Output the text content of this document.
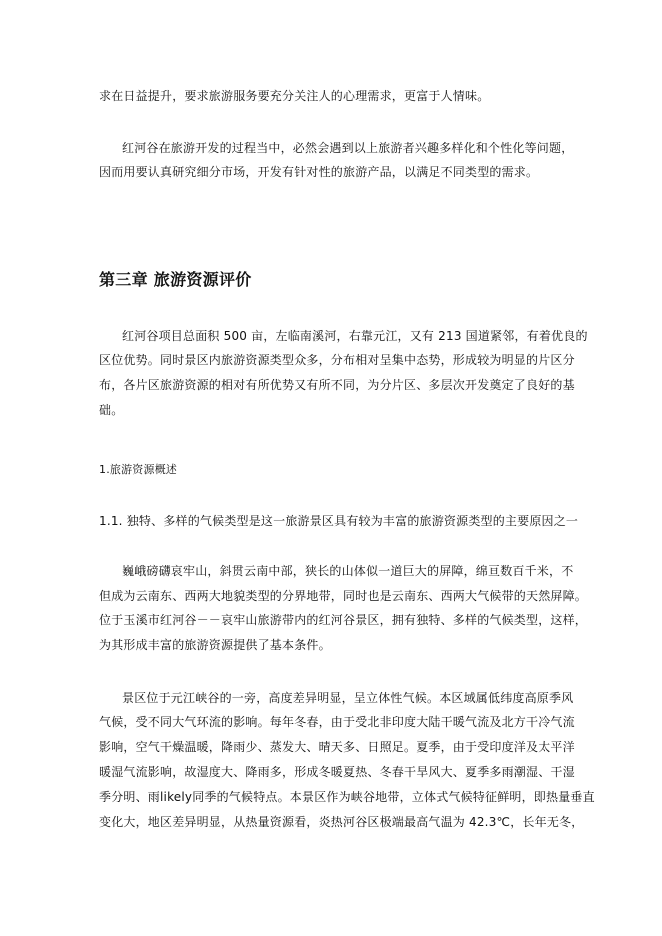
求在日益提升，要求旅游服务要充分关注人的心理需求，更富于人情味。
红河谷在旅游开发的过程当中，必然会遇到以上旅游者兴趣多样化和个性化等问题，
因而用要认真研究细分市场，开发有针对性的旅游产品，以满足不同类型的需求。
第三章 旅游资源评价
红河谷项目总面积 500 亩，左临南溪河，右靠元江，又有 213 国道紧邻，有着优良的
区位优势。同时景区内旅游资源类型众多，分布相对呈集中态势，形成较为明显的片区分
布，各片区旅游资源的相对有所优势又有所不同，为分片区、多层次开发奠定了良好的基
础。
1.旅游资源概述
1.1. 独特、多样的气候类型是这一旅游景区具有较为丰富的旅游资源类型的主要原因之一
巍峨磅礴哀牢山，斜贯云南中部，狭长的山体似一道巨大的屏障，绵亘数百千米，不
但成为云南东、西两大地貌类型的分界地带，同时也是云南东、西两大气候带的天然屏障。
位于玉溪市红河谷－－哀牢山旅游带内的红河谷景区，拥有独特、多样的气候类型，这样，
为其形成丰富的旅游资源提供了基本条件。
景区位于元江峡谷的一旁，高度差异明显，呈立体性气候。本区域属低纬度高原季风
气候，受不同大气环流的影响。每年冬春，由于受北非印度大陆干暖气流及北方干冷气流
影响，空气干燥温暖，降雨少、蒸发大、晴天多、日照足。夏季，由于受印度洋及太平洋
暖湿气流影响，故湿度大、降雨多，形成冬暖夏热、冬春干旱风大、夏季多雨潮湿、干湿
季分明、雨likely同季的气候特点。本景区作为峡谷地带，立体式气候特征鲜明，即热量垂直
变化大，地区差异明显，从热量资源看，炎热河谷区极端最高气温为 42.3℃，长年无冬，
